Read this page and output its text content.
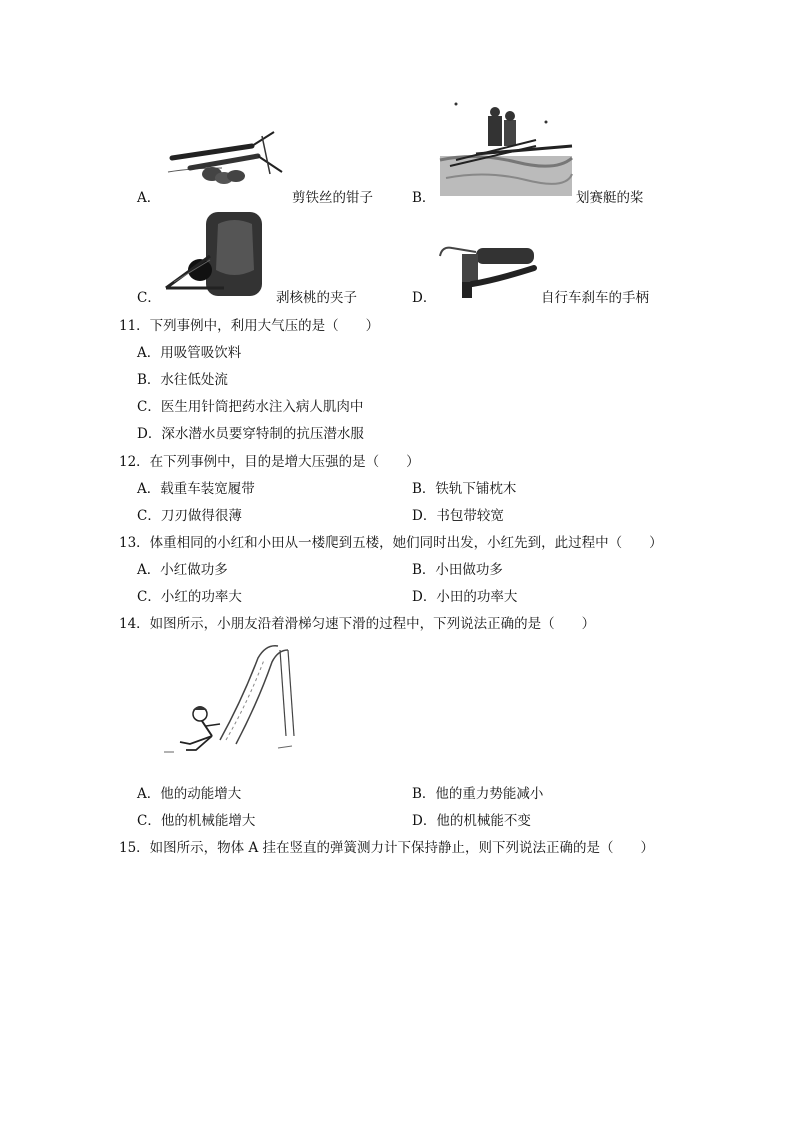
A．	剪铁丝的钳子	B．	划赛艇的桨
C．	剥核桃的夹子	D．	自行车刹车的手柄
11．下列事例中，利用大气压的是（　　）
A．用吸管吸饮料
B．水往低处流
C．医生用针筒把药水注入病人肌肉中
D．深水潜水员要穿特制的抗压潜水服
12．在下列事例中，目的是增大压强的是（　　）
A．载重车装宽履带	B．铁轨下铺枕木
C．刀刃做得很薄	D．书包带较宽
13．体重相同的小红和小田从一楼爬到五楼，她们同时出发，小红先到，此过程中（　　）
A．小红做功多	B．小田做功多
C．小红的功率大	D．小田的功率大
14．如图所示，小朋友沿着滑梯匀速下滑的过程中，下列说法正确的是（　　）
A．他的动能增大	B．他的重力势能减小
C．他的机械能增大	D．他的机械能不变
15．如图所示，物体 A 挂在竖直的弹簧测力计下保持静止，则下列说法正确的是（　　）
